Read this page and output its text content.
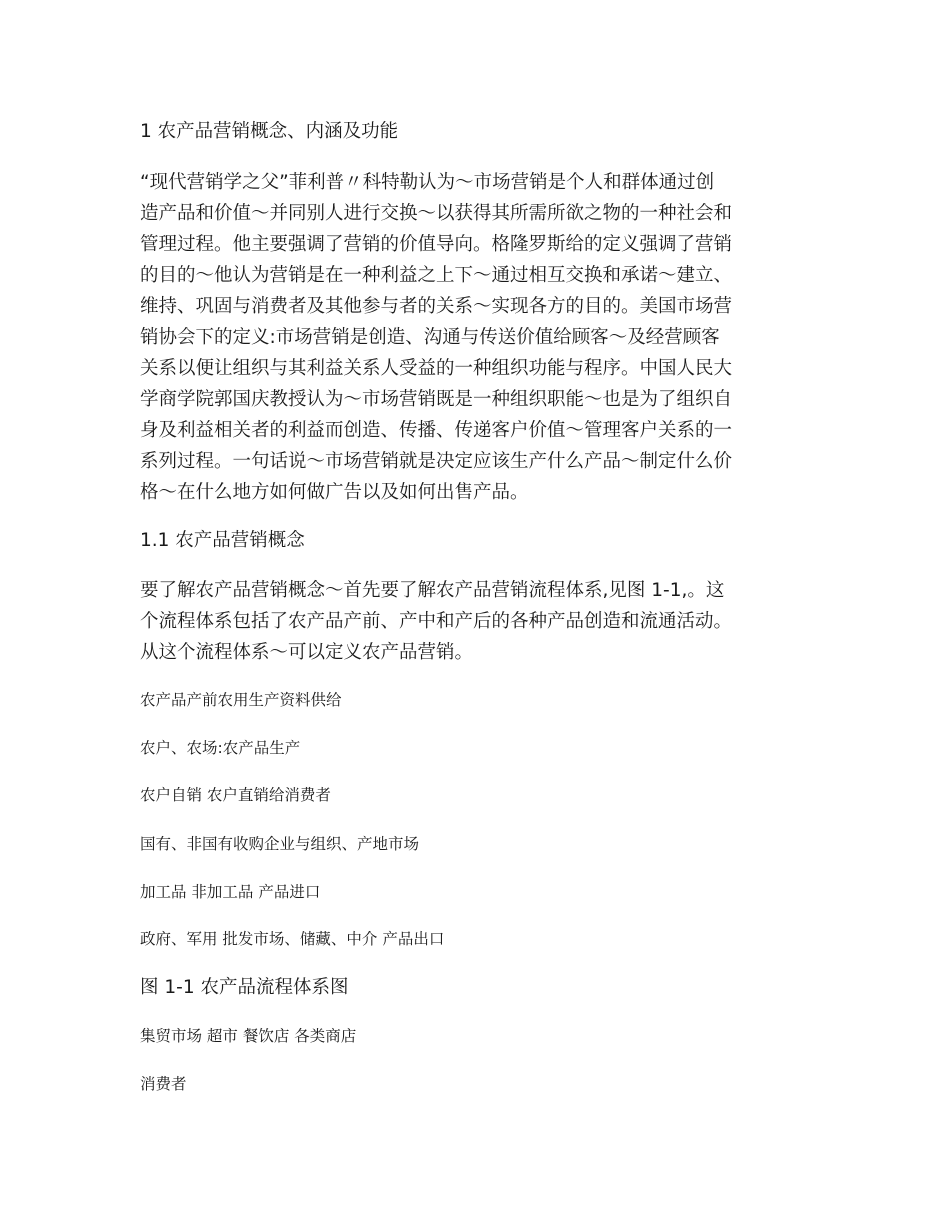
1 农产品营销概念、内涵及功能

“现代营销学之父”菲利普〃科特勒认为～市场营销是个人和群体通过创
造产品和价值～并同别人进行交换～以获得其所需所欲之物的一种社会和
管理过程。他主要强调了营销的价值导向。格隆罗斯给的定义强调了营销
的目的～他认为营销是在一种利益之上下～通过相互交换和承诺～建立、
维持、巩固与消费者及其他参与者的关系～实现各方的目的。美国市场营
销协会下的定义:市场营销是创造、沟通与传送价值给顾客～及经营顾客
关系以便让组织与其利益关系人受益的一种组织功能与程序。中国人民大
学商学院郭国庆教授认为～市场营销既是一种组织职能～也是为了组织自
身及利益相关者的利益而创造、传播、传递客户价值～管理客户关系的一
系列过程。一句话说～市场营销就是决定应该生产什么产品～制定什么价
格～在什么地方如何做广告以及如何出售产品。

1.1 农产品营销概念

要了解农产品营销概念～首先要了解农产品营销流程体系,见图 1-1,。这
个流程体系包括了农产品产前、产中和产后的各种产品创造和流通活动。
从这个流程体系～可以定义农产品营销。

农产品产前农用生产资料供给

农户、农场:农产品生产

农户自销 农户直销给消费者

国有、非国有收购企业与组织、产地市场

加工品 非加工品 产品进口

政府、军用 批发市场、储藏、中介 产品出口

图 1-1 农产品流程体系图

集贸市场 超市 餐饮店 各类商店

消费者
